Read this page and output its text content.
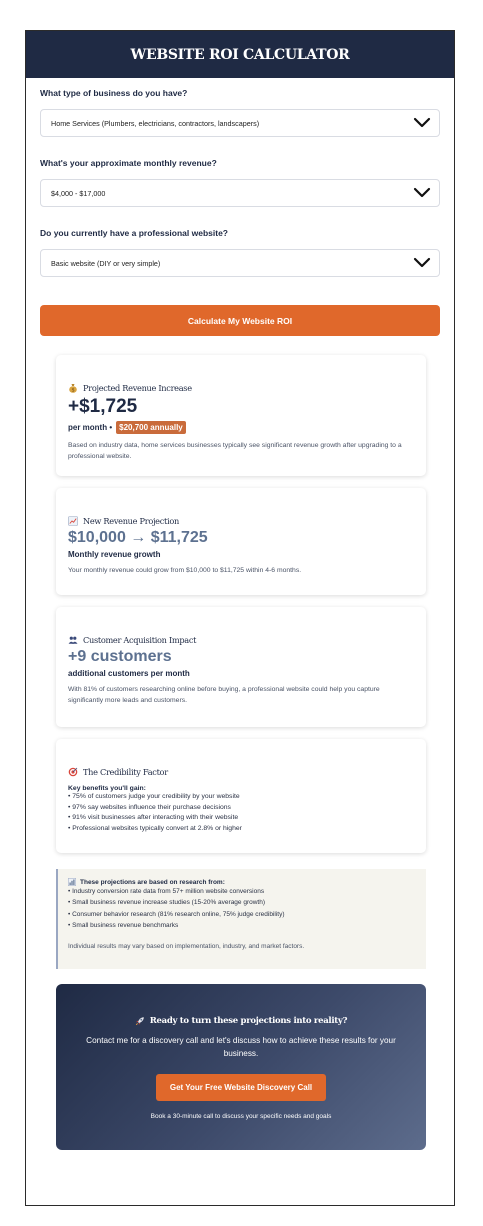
WEBSITE ROI CALCULATOR
What type of business do you have?
Home Services (Plumbers, electricians, contractors, landscapers)
What's your approximate monthly revenue?
$4,000 - $17,000
Do you currently have a professional website?
Basic website (DIY or very simple)
Calculate My Website ROI
$ Projected Revenue Increase
+$1,725
per month • $20,700 annually
Based on industry data, home services businesses typically see significant revenue growth after upgrading to a professional website.
New Revenue Projection
$10,000 → $11,725
Monthly revenue growth
Your monthly revenue could grow from $10,000 to $11,725 within 4-6 months.
Customer Acquisition Impact
+9 customers
additional customers per month
With 81% of customers researching online before buying, a professional website could help you capture significantly more leads and customers.
The Credibility Factor
Key benefits you'll gain:
• 75% of customers judge your credibility by your website
• 97% say websites influence their purchase decisions
• 91% visit businesses after interacting with their website
• Professional websites typically convert at 2.8% or higher
These projections are based on research from:
• Industry conversion rate data from 57+ million website conversions
• Small business revenue increase studies (15-20% average growth)
• Consumer behavior research (81% research online, 75% judge credibility)
• Small business revenue benchmarks
Individual results may vary based on implementation, industry, and market factors.
Ready to turn these projections into reality?
Contact me for a discovery call and let's discuss how to achieve these results for your business.
Get Your Free Website Discovery Call
Book a 30-minute call to discuss your specific needs and goals
